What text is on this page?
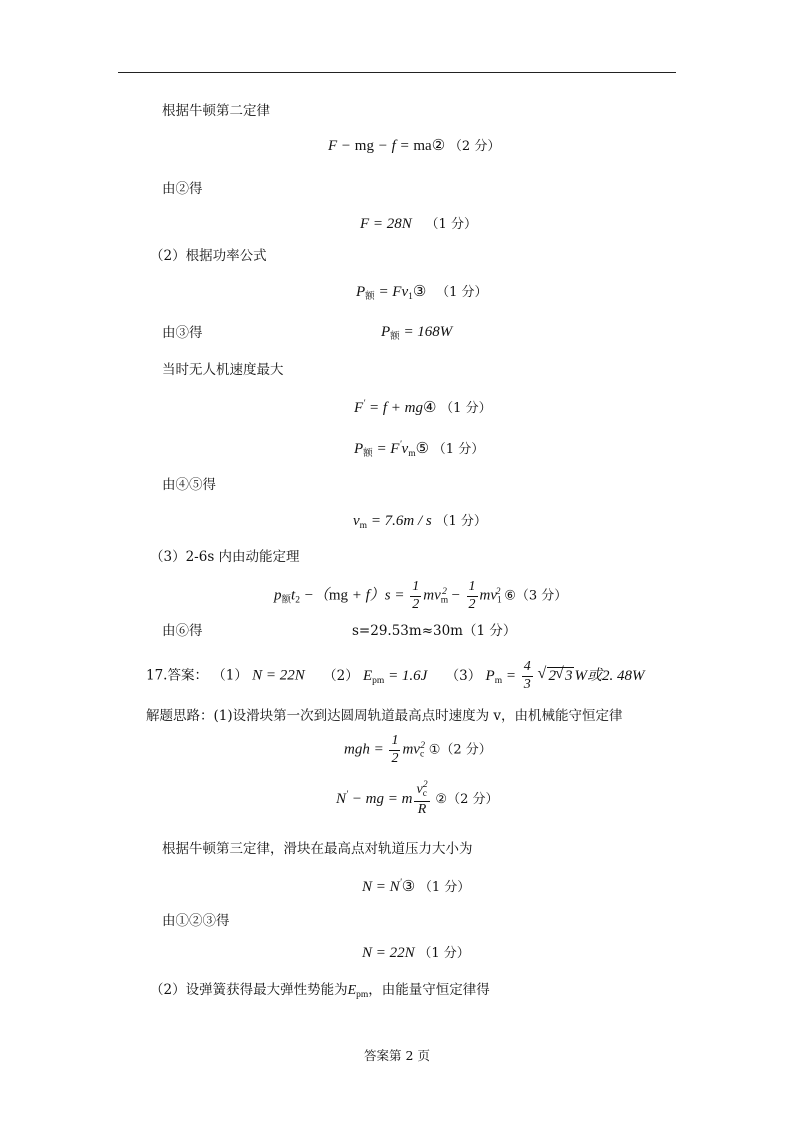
根据牛顿第二定律
F − mg − f = ma② （2 分）
由②得
F = 28N （1 分）
（2）根据功率公式
$P_额$ = $Fv_1③$ （1 分）
由③得	$P_额 = 168W$
当时无人机速度最大
F' = f + mg④ （1 分）
$P_额$ = $F'v_m⑤$ （1 分）
由④⑤得
$v_m = 7.6m / s$ （1 分）
（3）2-6s 内由动能定理
$p_额t_2 -(mg + f)s = \frac{1}{2} mv_m^2 - \frac{1}{2} mv_1^2$ ⑥（3 分）
由⑥得	s=29.53m≈30m（1 分）
17.答案： （1） N = 22N （2） $E_{pm} = 1.6J$ （3） $P_m = \frac{4}{3}$ √ 2 √ 3 W或2. 48W
解题思路：(1)设滑块第一次到达圆周轨道最高点时速度为 v，由机械能守恒定律
mgh = $\frac{1}{2} mv_c^2$ ①（2 分）
N' − mg = m $\frac{v_c^2}{R}$ ②（2 分）
根据牛顿第三定律，滑块在最高点对轨道压力大小为
N = N'③ （1 分）
由①②③得
N = 22N （1 分）
（2）设弹簧获得最大弹性势能为$E_{pm}$，由能量守恒定律得
答案第 2 页
